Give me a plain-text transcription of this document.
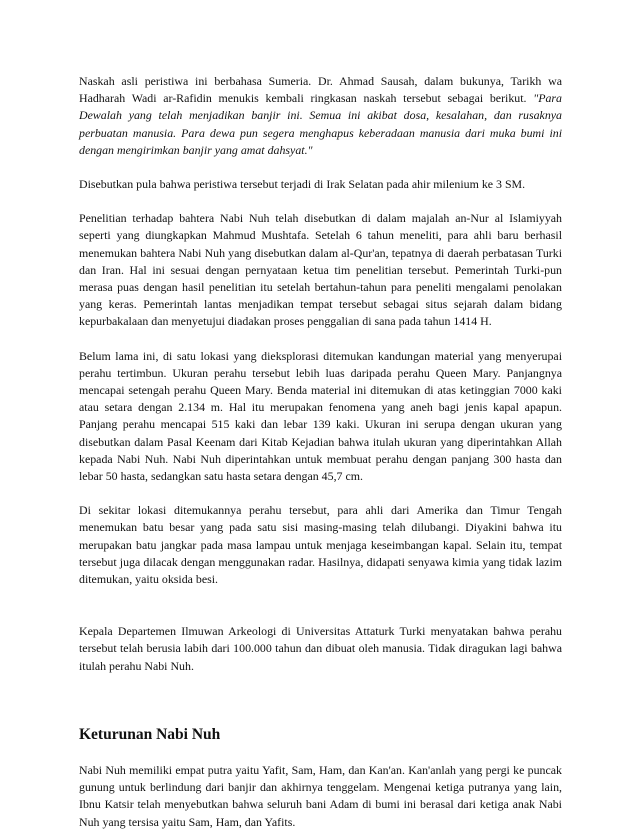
Naskah asli peristiwa ini berbahasa Sumeria. Dr. Ahmad Sausah, dalam bukunya, Tarikh wa Hadharah Wadi ar-Rafidin menukis kembali ringkasan naskah tersebut sebagai berikut. "Para Dewalah yang telah menjadikan banjir ini. Semua ini akibat dosa, kesalahan, dan rusaknya perbuatan manusia. Para dewa pun segera menghapus keberadaan manusia dari muka bumi ini dengan mengirimkan banjir yang amat dahsyat."

Disebutkan pula bahwa peristiwa tersebut terjadi di Irak Selatan pada ahir milenium ke 3 SM.

Penelitian terhadap bahtera Nabi Nuh telah disebutkan di dalam majalah an-Nur al Islamiyyah seperti yang diungkapkan Mahmud Mushtafa. Setelah 6 tahun meneliti, para ahli baru berhasil menemukan bahtera Nabi Nuh yang disebutkan dalam al-Qur'an, tepatnya di daerah perbatasan Turki dan Iran. Hal ini sesuai dengan pernyataan ketua tim penelitian tersebut. Pemerintah Turki-pun merasa puas dengan hasil penelitian itu setelah bertahun-tahun para peneliti mengalami penolakan yang keras. Pemerintah lantas menjadikan tempat tersebut sebagai situs sejarah dalam bidang kepurbakalaan dan menyetujui diadakan proses penggalian di sana pada tahun 1414 H.

Belum lama ini, di satu lokasi yang dieksplorasi ditemukan kandungan material yang menyerupai perahu tertimbun. Ukuran perahu tersebut lebih luas daripada perahu Queen Mary. Panjangnya mencapai setengah perahu Queen Mary. Benda material ini ditemukan di atas ketinggian 7000 kaki atau setara dengan 2.134 m. Hal itu merupakan fenomena yang aneh bagi jenis kapal apapun. Panjang perahu mencapai 515 kaki dan lebar 139 kaki. Ukuran ini serupa dengan ukuran yang disebutkan dalam Pasal Keenam dari Kitab Kejadian bahwa itulah ukuran yang diperintahkan Allah kepada Nabi Nuh. Nabi Nuh diperintahkan untuk membuat perahu dengan panjang 300 hasta dan lebar 50 hasta, sedangkan satu hasta setara dengan 45,7 cm.

Di sekitar lokasi ditemukannya perahu tersebut, para ahli dari Amerika dan Timur Tengah menemukan batu besar yang pada satu sisi masing-masing telah dilubangi. Diyakini bahwa itu merupakan batu jangkar pada masa lampau untuk menjaga keseimbangan kapal. Selain itu, tempat tersebut juga dilacak dengan menggunakan radar. Hasilnya, didapati senyawa kimia yang tidak lazim ditemukan, yaitu oksida besi.

Kepala Departemen Ilmuwan Arkeologi di Universitas Attaturk Turki menyatakan bahwa perahu tersebut telah berusia labih dari 100.000 tahun dan dibuat oleh manusia. Tidak diragukan lagi bahwa itulah perahu Nabi Nuh.

Keturunan Nabi Nuh

Nabi Nuh memiliki empat putra yaitu Yafit, Sam, Ham, dan Kan'an. Kan'anlah yang pergi ke puncak gunung untuk berlindung dari banjir dan akhirnya tenggelam. Mengenai ketiga putranya yang lain, Ibnu Katsir telah menyebutkan bahwa seluruh bani Adam di bumi ini berasal dari ketiga anak Nabi Nuh yang tersisa yaitu Sam, Ham, dan Yafits.
